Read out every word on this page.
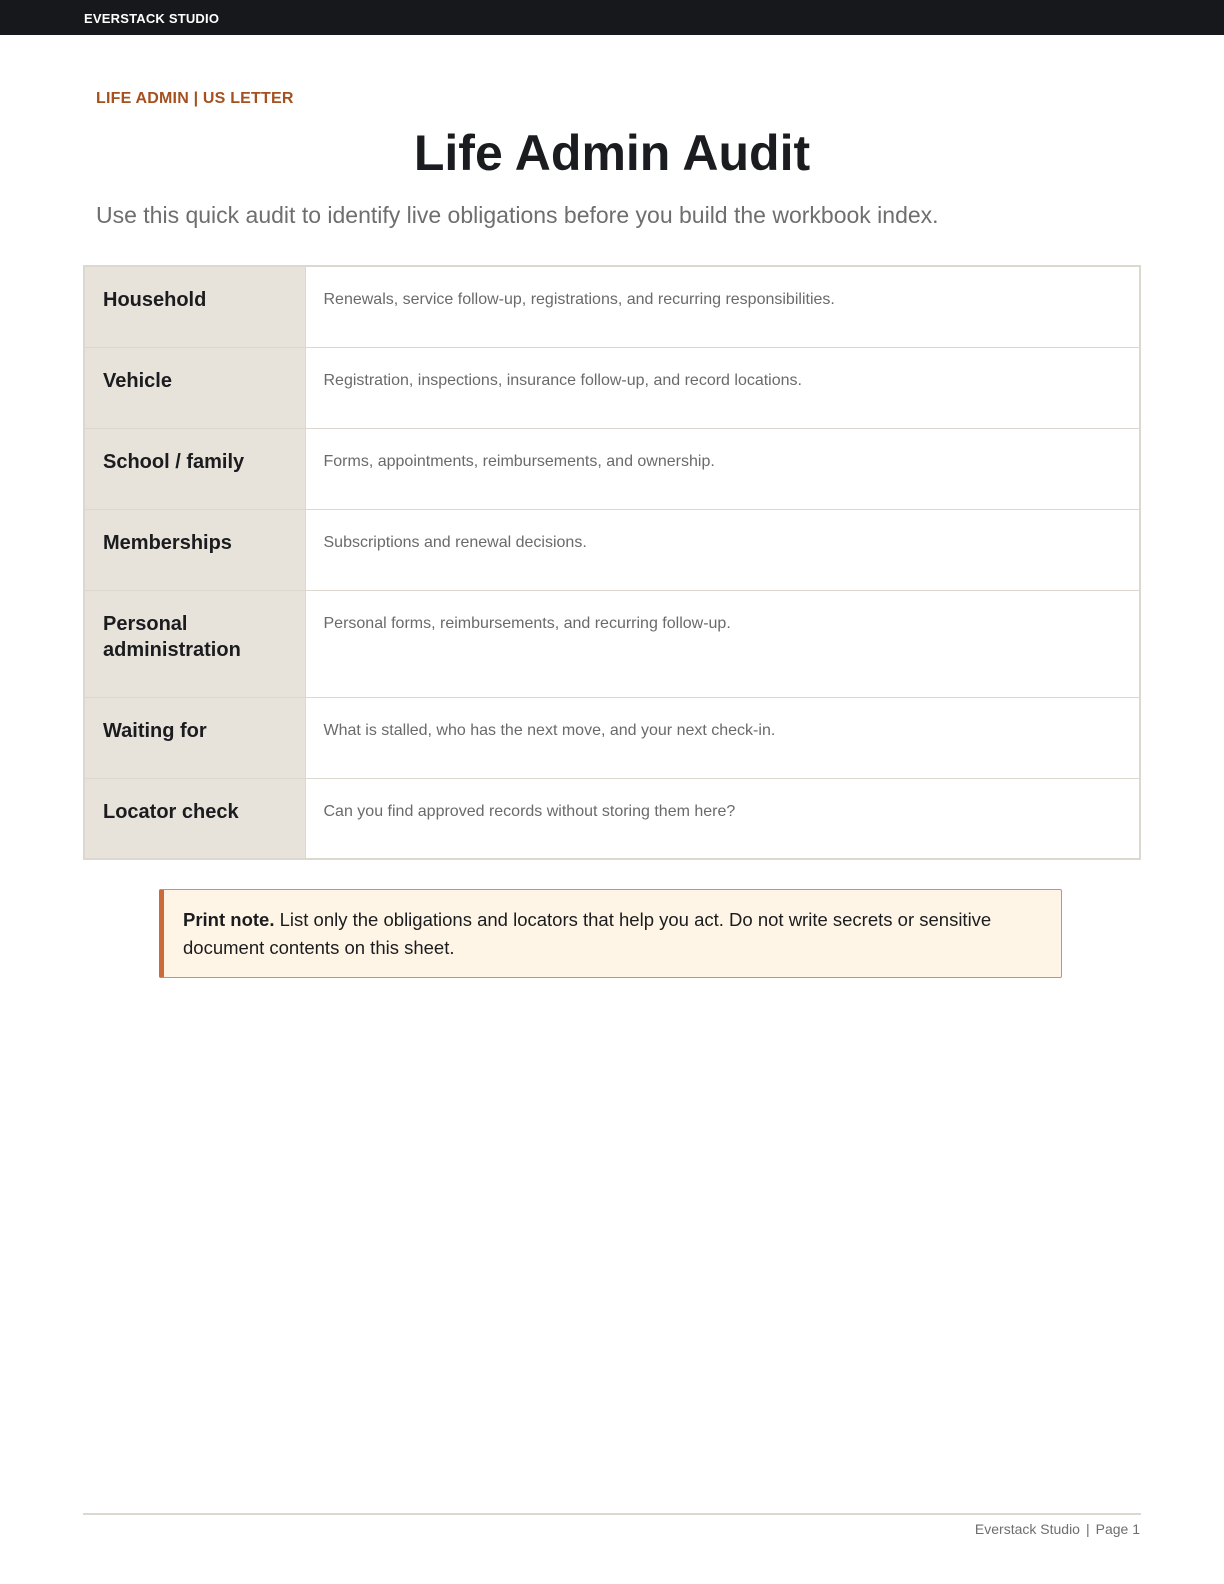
EVERSTACK STUDIO
LIFE ADMIN | US LETTER
Life Admin Audit
Use this quick audit to identify live obligations before you build the workbook index.
Household	Renewals, service follow-up, registrations, and recurring responsibilities.
Vehicle	Registration, inspections, insurance follow-up, and record locations.
School / family	Forms, appointments, reimbursements, and ownership.
Memberships	Subscriptions and renewal decisions.
Personal administration	Personal forms, reimbursements, and recurring follow-up.
Waiting for	What is stalled, who has the next move, and your next check-in.
Locator check	Can you find approved records without storing them here?
Print note. List only the obligations and locators that help you act. Do not write secrets or sensitive document contents on this sheet.
Everstack Studio | Page 1
